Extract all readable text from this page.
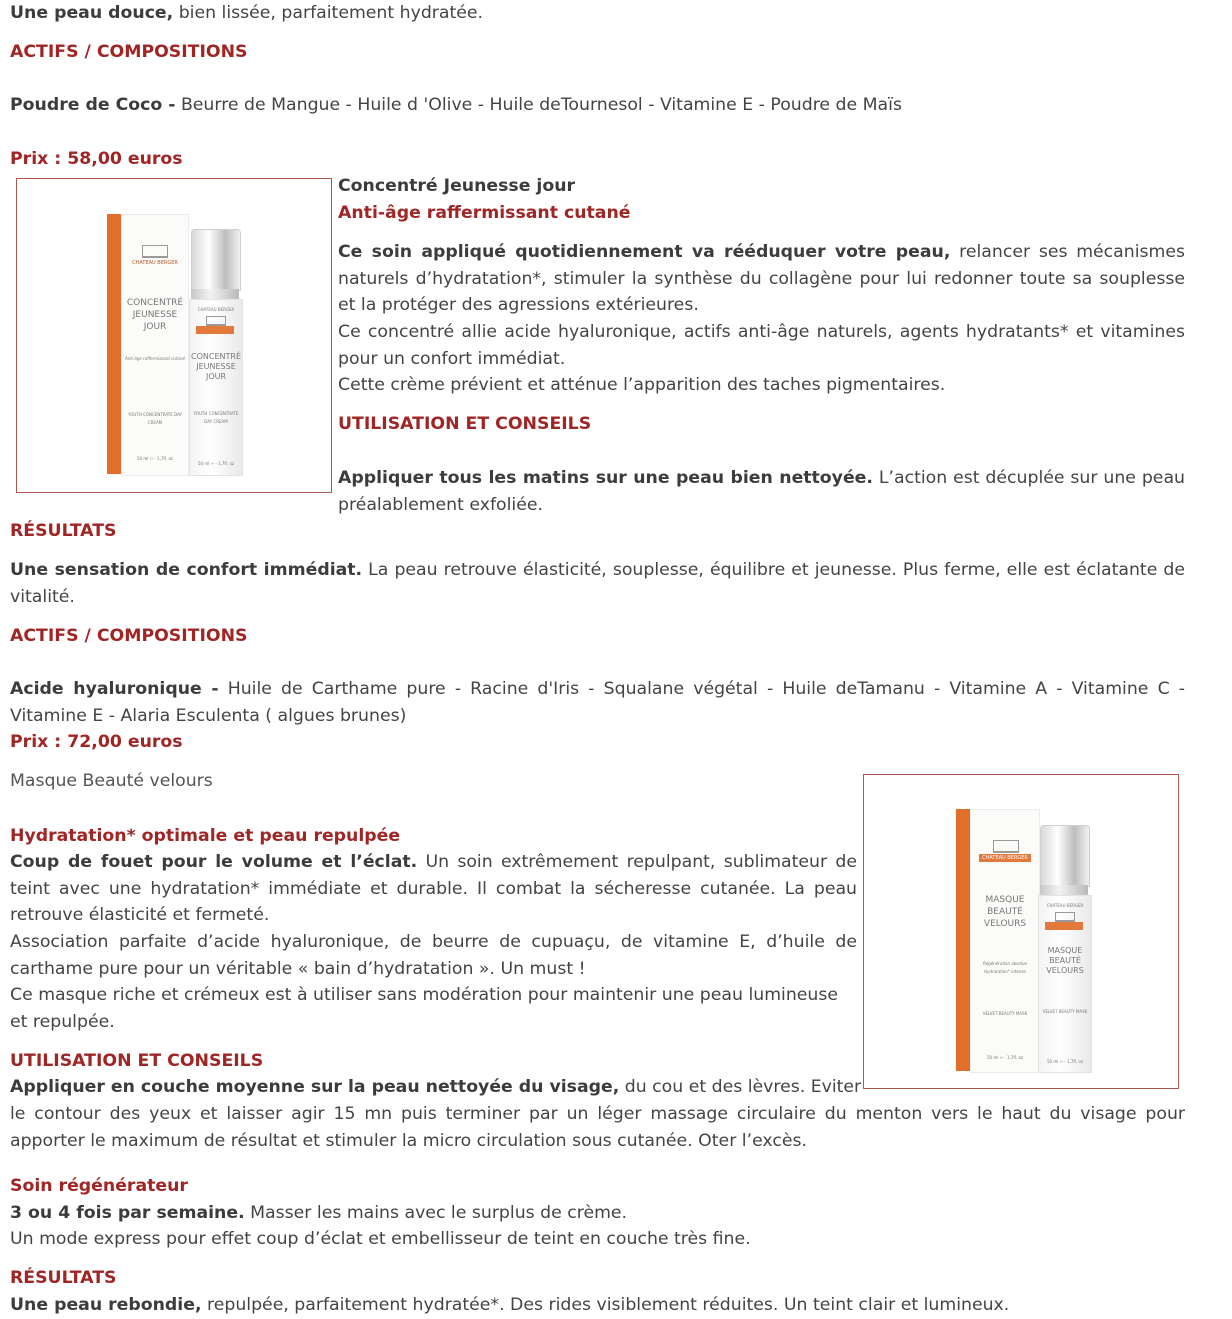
Une peau douce, bien lissée, parfaitement hydratée.
ACTIFS / COMPOSITIONS
Poudre de Coco - Beurre de Mangue - Huile d 'Olive - Huile deTournesol - Vitamine E - Poudre de Maïs
Prix : 58,00 euros
CHATEAU BERGER
CONCENTRÉ
JEUNESSE
JOUR
Anti-âge raffermissant cutané
YOUTH CONCENTRATE DAY CREAM
50 ml ℮ - 1,7fl. oz
CHATEAU BERGER
CONCENTRÉ
JEUNESSE
JOUR
YOUTH CONCENTRATE DAY CREAM
50 ml ℮ - 1,7fl. oz
Concentré Jeunesse jour
Anti-âge raffermissant cutané
Ce soin appliqué quotidiennement va rééduquer votre peau, relancer ses mécanismes naturels d’hydratation*, stimuler la synthèse du collagène pour lui redonner toute sa souplesse et la protéger des agressions extérieures.
Ce concentré allie acide hyaluronique, actifs anti-âge naturels, agents hydratants* et vitamines pour un confort immédiat.
Cette crème prévient et atténue l’apparition des taches pigmentaires.
UTILISATION ET CONSEILS
Appliquer tous les matins sur une peau bien nettoyée. L’action est décuplée sur une peau préalablement exfoliée.
RÉSULTATS
Une sensation de confort immédiat. La peau retrouve élasticité, souplesse, équilibre et jeunesse. Plus ferme, elle est éclatante de vitalité.
ACTIFS / COMPOSITIONS
Acide hyaluronique - Huile de Carthame pure - Racine d'Iris - Squalane végétal - Huile deTamanu - Vitamine A - Vitamine C - Vitamine E - Alaria Esculenta ( algues brunes)
Prix : 72,00 euros
Masque Beauté velours
CHATEAU BERGER
MASQUE
BEAUTÉ
VELOURS
Régénération absolue Hydratation* intense
VELVET BEAUTY MASK
50 ml ℮ - 1,7fl. oz
CHATEAU BERGER
MASQUE
BEAUTÉ
VELOURS
VELVET BEAUTY MASK
50 ml ℮ - 1,7fl. oz
Hydratation* optimale et peau repulpée
Coup de fouet pour le volume et l’éclat. Un soin extrêmement repulpant, sublimateur de teint avec une hydratation* immédiate et durable. Il combat la sécheresse cutanée. La peau retrouve élasticité et fermeté.
Association parfaite d’acide hyaluronique, de beurre de cupuaçu, de vitamine E, d’huile de carthame pure pour un véritable « bain d’hydratation ». Un must !
Ce masque riche et crémeux est à utiliser sans modération pour maintenir une peau lumineuse et repulpée.
UTILISATION ET CONSEILS
Appliquer en couche moyenne sur la peau nettoyée du visage, du cou et des lèvres. Eviter
le contour des yeux et laisser agir 15 mn puis terminer par un léger massage circulaire du menton vers le haut du visage pour apporter le maximum de résultat et stimuler la micro circulation sous cutanée. Oter l’excès.
Soin régénérateur
3 ou 4 fois par semaine. Masser les mains avec le surplus de crème.
Un mode express pour effet coup d’éclat et embellisseur de teint en couche très fine.
RÉSULTATS
Une peau rebondie, repulpée, parfaitement hydratée*. Des rides visiblement réduites. Un teint clair et lumineux.
